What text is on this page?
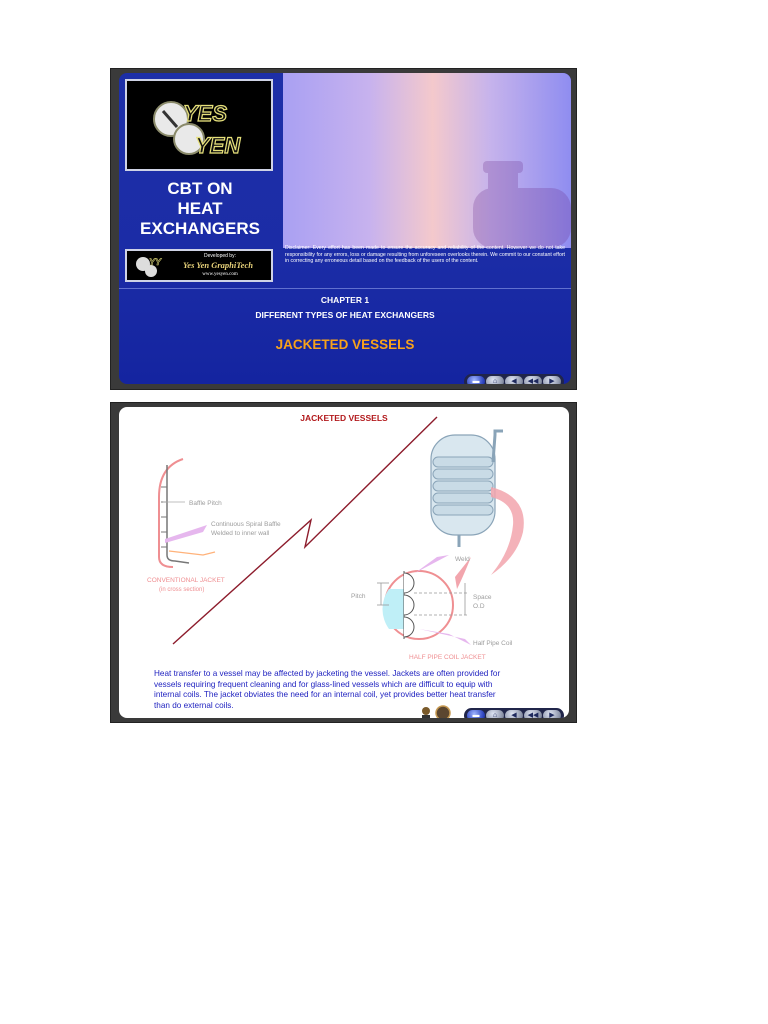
YES
YEN
CBT ON
HEAT
EXCHANGERS
YY
Developed by:
Yes Yen GraphiTech
www.yesyen.com
Disclaimer: Every effort has been made to ensure the accuracy and reliability of the content. However we do not take responsibility for any errors, loss or damage resulting from unforeseen overlooks therein. We commit to our constant effort in correcting any erroneous detail based on the feedback of the users of the content.
CHAPTER 1
DIFFERENT TYPES OF HEAT EXCHANGERS
JACKETED VESSELS
▬	⌂	◀	◀◀	▶
JACKETED VESSELS
Baffle Pitch
Continuous Spiral Baffle
Welded to inner wall
CONVENTIONAL JACKET
(in cross section)
Weld
Pitch	Space
O.D
Half Pipe Coil
HALF PIPE COIL JACKET
Heat transfer to a vessel may be affected by jacketing the vessel. Jackets are often provided for vessels requiring frequent cleaning and for glass-lined vessels which are difficult to equip with internal coils. The jacket obviates the need for an internal coil, yet provides better heat transfer than do external coils.
▬	⌂	◀	◀◀	▶
